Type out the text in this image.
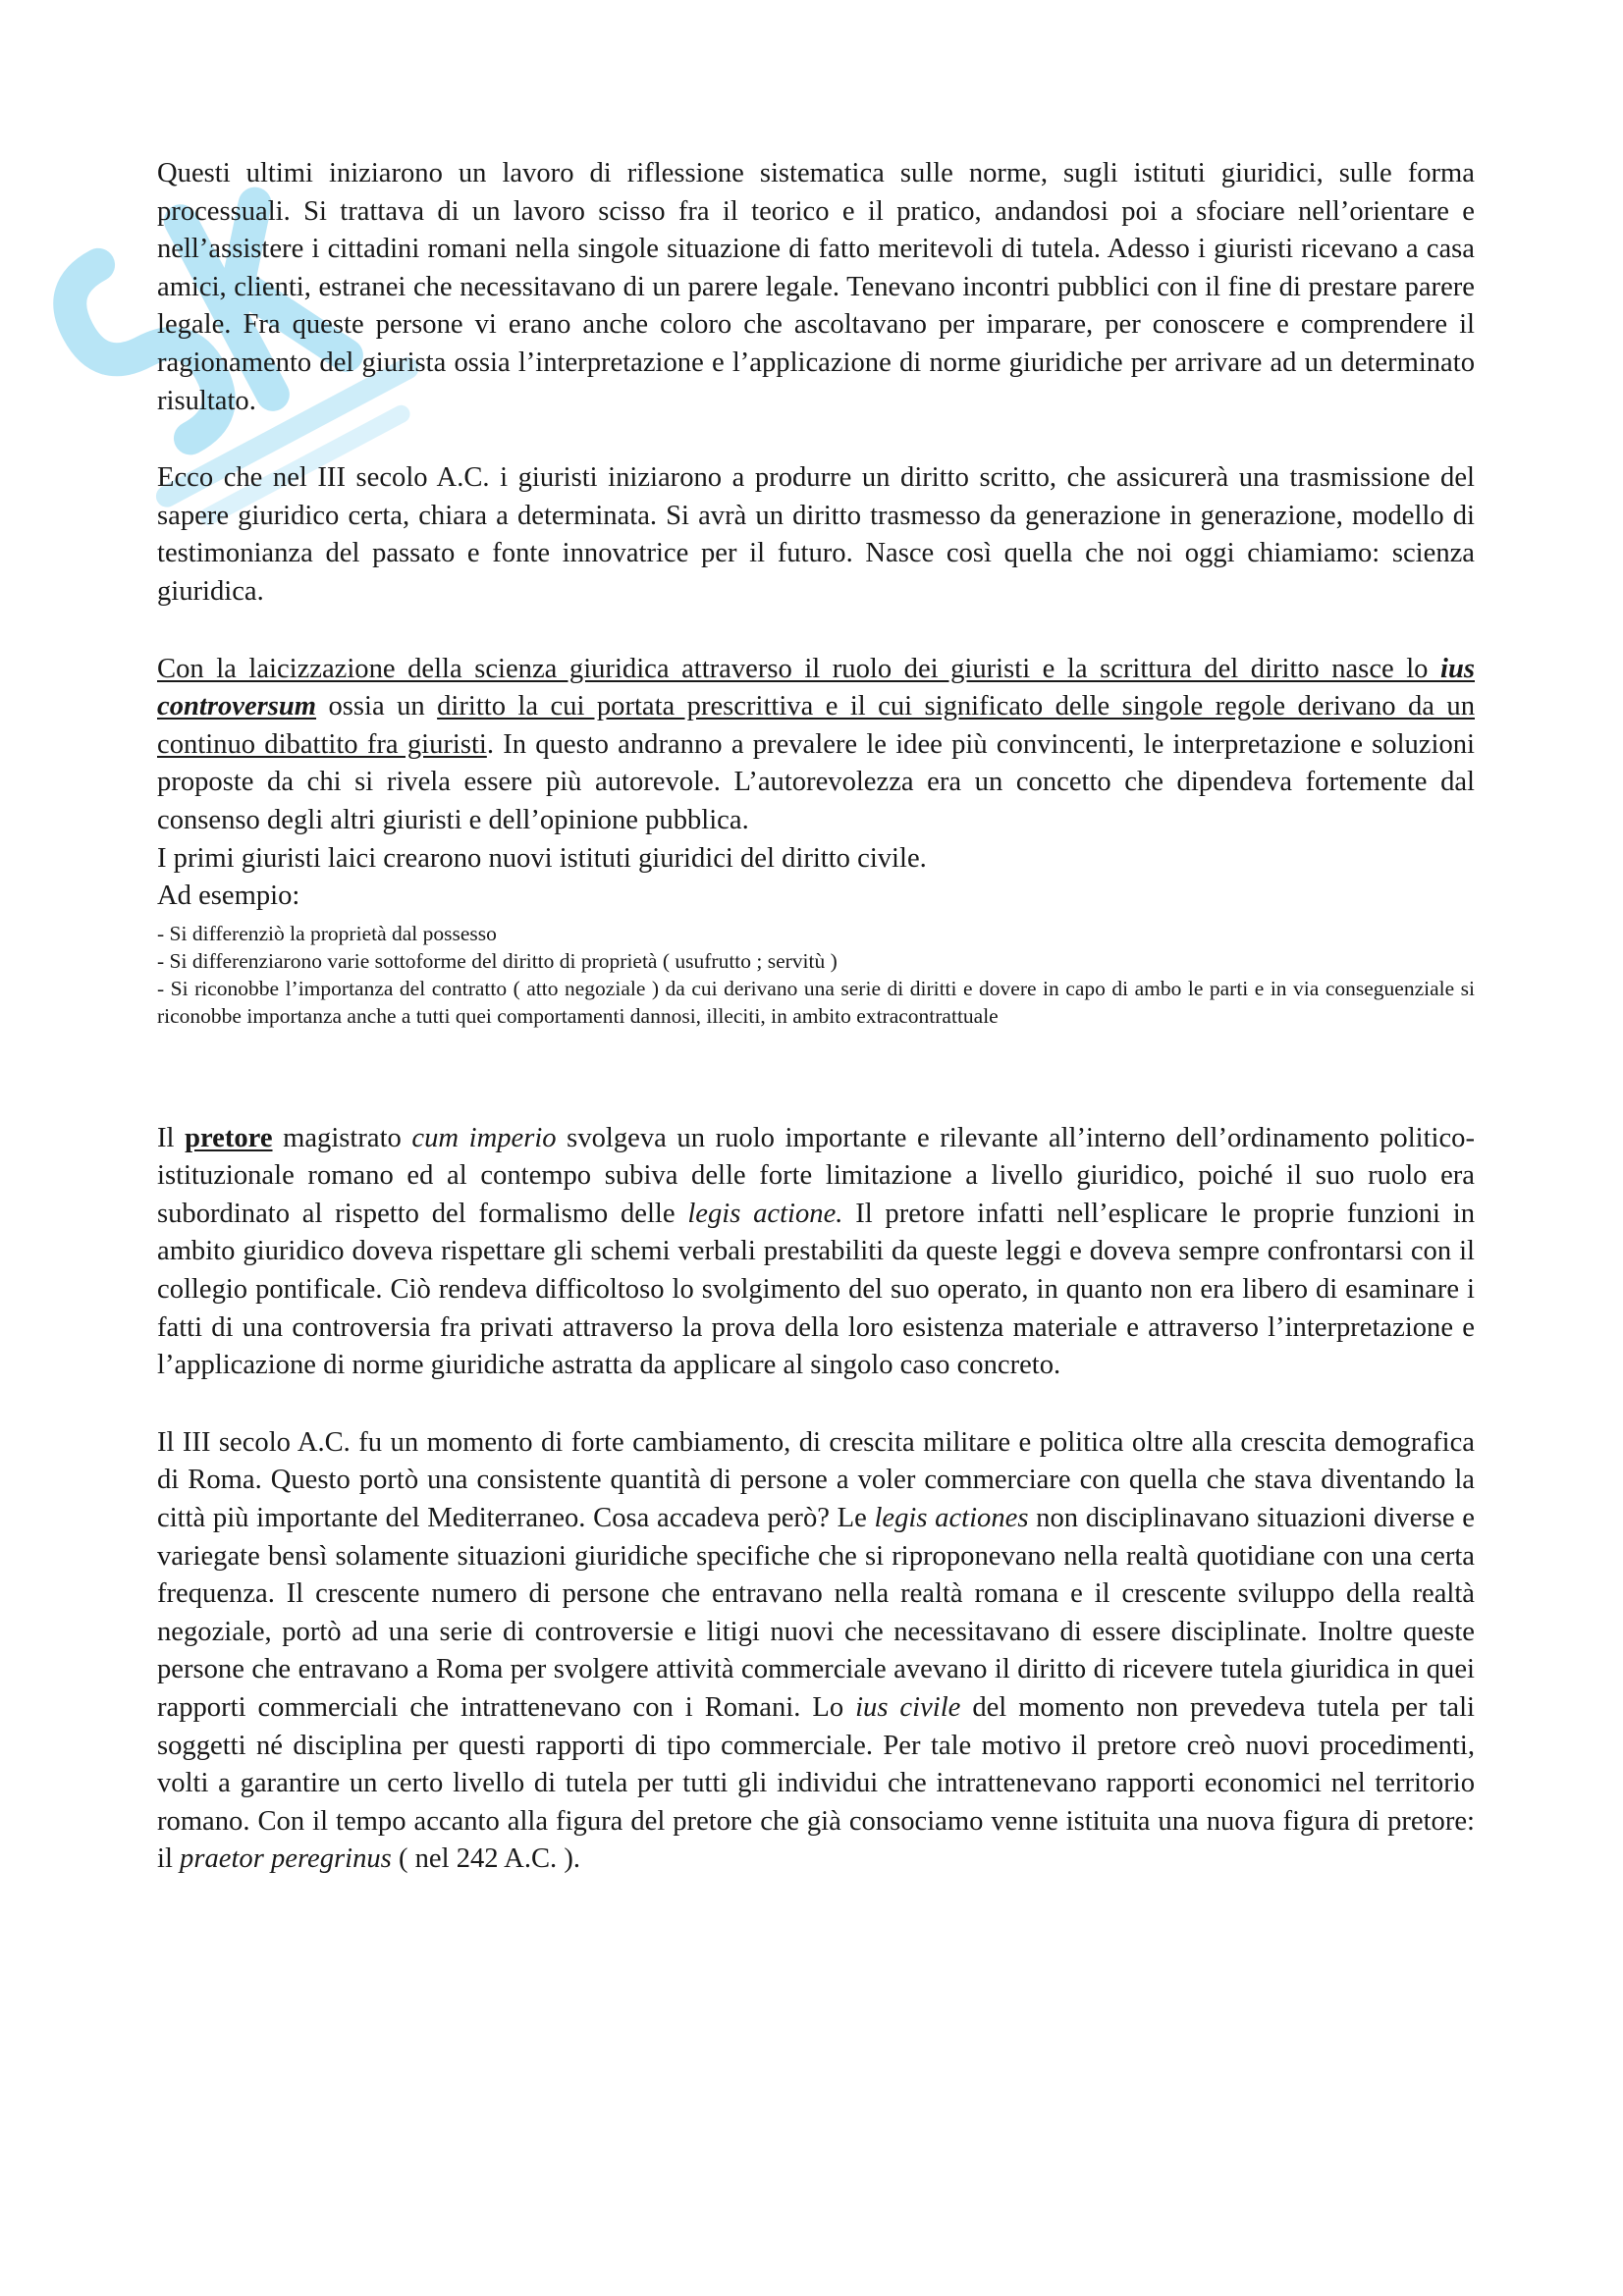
Questi ultimi iniziarono un lavoro di riflessione sistematica sulle norme, sugli istituti giuridici, sulle forma processuali. Si trattava di un lavoro scisso fra il teorico e il pratico, andandosi poi a sfociare nell’orientare e nell’assistere i cittadini romani nella singole situazione di fatto meritevoli di tutela. Adesso i giuristi ricevano a casa amici, clienti, estranei che necessitavano di un parere legale. Tenevano incontri pubblici con il fine di prestare parere legale. Fra queste persone vi erano anche coloro che ascoltavano per imparare, per conoscere e comprendere il ragionamento del giurista ossia l’interpretazione e l’applicazione di norme giuridiche per arrivare ad un determinato risultato.

Ecco che nel III secolo A.C. i giuristi iniziarono a produrre un diritto scritto, che assicurerà una trasmissione del sapere giuridico certa, chiara a determinata. Si avrà un diritto trasmesso da generazione in generazione, modello di testimonianza del passato e fonte innovatrice per il futuro. Nasce così quella che noi oggi chiamiamo: scienza giuridica.

Con la laicizzazione della scienza giuridica attraverso il ruolo dei giuristi e la scrittura del diritto nasce lo ius controversum ossia un diritto la cui portata prescrittiva e il cui significato delle singole regole derivano da un continuo dibattito fra giuristi. In questo andranno a prevalere le idee più convincenti, le interpretazione e soluzioni proposte da chi si rivela essere più autorevole. L’autorevolezza era un concetto che dipendeva fortemente dal consenso degli altri giuristi e dell’opinione pubblica.

I primi giuristi laici crearono nuovi istituti giuridici del diritto civile.

Ad esempio:

- Si differenziò la proprietà dal possesso

- Si differenziarono varie sottoforme del diritto di proprietà ( usufrutto ; servitù )

- Si riconobbe l’importanza del contratto ( atto negoziale ) da cui derivano una serie di diritti e dovere in capo di ambo le parti e in via conseguenziale si riconobbe importanza anche a tutti quei comportamenti dannosi, illeciti, in ambito extracontrattuale

Il pretore magistrato cum imperio svolgeva un ruolo importante e rilevante all’interno dell’ordinamento politico-istituzionale romano ed al contempo subiva delle forte limitazione a livello giuridico, poiché il suo ruolo era subordinato al rispetto del formalismo delle legis actione. Il pretore infatti nell’esplicare le proprie funzioni in ambito giuridico doveva rispettare gli schemi verbali prestabiliti da queste leggi e doveva sempre confrontarsi con il collegio pontificale. Ciò rendeva difficoltoso lo svolgimento del suo operato, in quanto non era libero di esaminare i fatti di una controversia fra privati attraverso la prova della loro esistenza materiale e attraverso l’interpretazione e l’applicazione di norme giuridiche astratta da applicare al singolo caso concreto.

Il III secolo A.C. fu un momento di forte cambiamento, di crescita militare e politica oltre alla crescita demografica di Roma. Questo portò una consistente quantità di persone a voler commerciare con quella che stava diventando la città più importante del Mediterraneo. Cosa accadeva però? Le legis actiones non disciplinavano situazioni diverse e variegate bensì solamente situazioni giuridiche specifiche che si riproponevano nella realtà quotidiane con una certa frequenza. Il crescente numero di persone che entravano nella realtà romana e il crescente sviluppo della realtà negoziale, portò ad una serie di controversie e litigi nuovi che necessitavano di essere disciplinate. Inoltre queste persone che entravano a Roma per svolgere attività commerciale avevano il diritto di ricevere tutela giuridica in quei rapporti commerciali che intrattenevano con i Romani. Lo ius civile del momento non prevedeva tutela per tali soggetti né disciplina per questi rapporti di tipo commerciale. Per tale motivo il pretore creò nuovi procedimenti, volti a garantire un certo livello di tutela per tutti gli individui che intrattenevano rapporti economici nel territorio romano. Con il tempo accanto alla figura del pretore che già consociamo venne istituita una nuova figura di pretore: il praetor peregrinus ( nel 242 A.C. ).
